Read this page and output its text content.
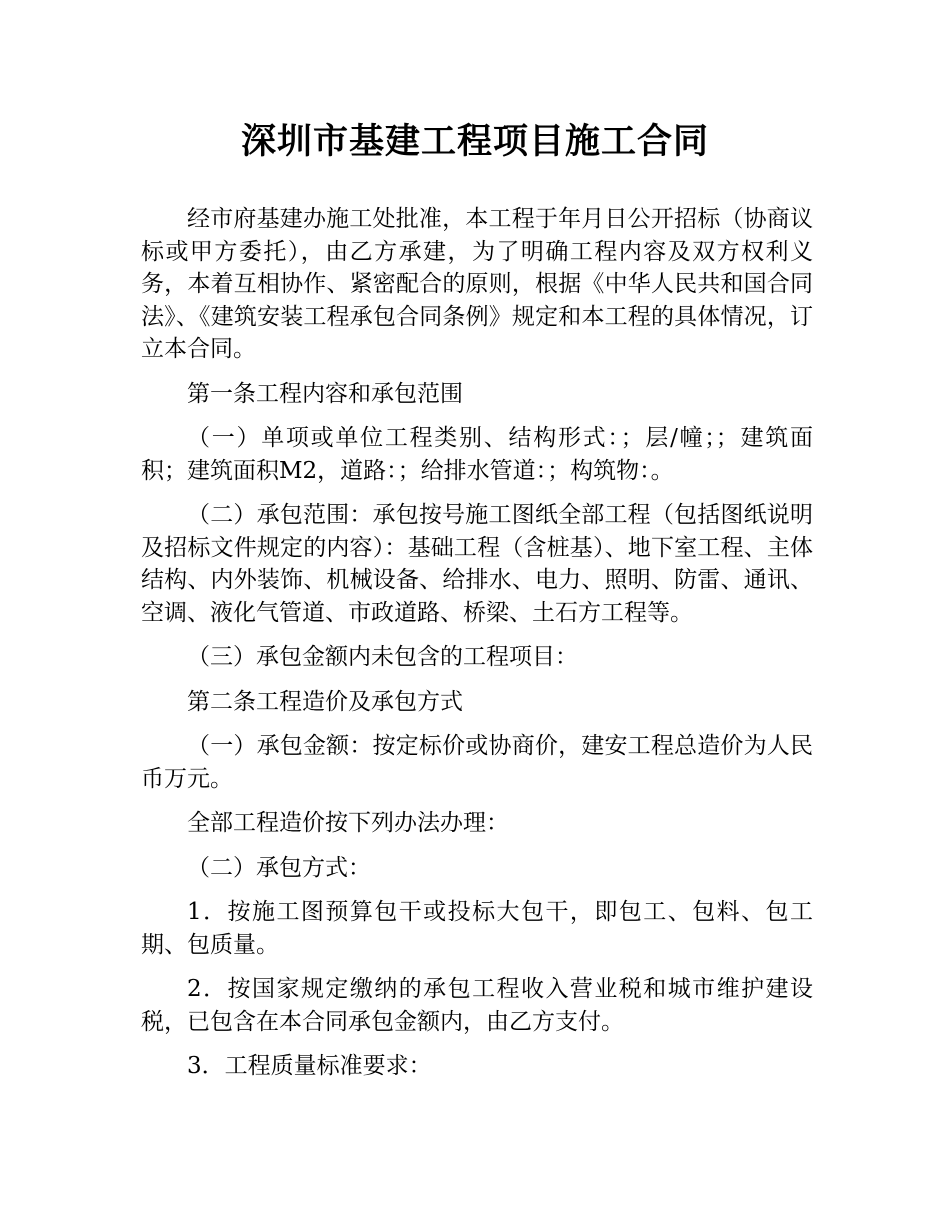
深圳市基建工程项目施工合同

经市府基建办施工处批准，本工程于年月日公开招标（协商议标或甲方委托），由乙方承建，为了明确工程内容及双方权利义务，本着互相协作、紧密配合的原则，根据《中华人民共和国合同法》、《建筑安装工程承包合同条例》规定和本工程的具体情况，订立本合同。

第一条工程内容和承包范围

（一）单项或单位工程类别、结构形式：；层/幢；；建筑面积；建筑面积M2，道路：；给排水管道：；构筑物：。

（二）承包范围：承包按号施工图纸全部工程（包括图纸说明及招标文件规定的内容）：基础工程（含桩基）、地下室工程、主体结构、内外装饰、机械设备、给排水、电力、照明、防雷、通讯、空调、液化气管道、市政道路、桥梁、土石方工程等。

（三）承包金额内未包含的工程项目：

第二条工程造价及承包方式

（一）承包金额：按定标价或协商价，建安工程总造价为人民币万元。

全部工程造价按下列办法办理：

（二）承包方式：

1．按施工图预算包干或投标大包干，即包工、包料、包工期、包质量。

2．按国家规定缴纳的承包工程收入营业税和城市维护建设税，已包含在本合同承包金额内，由乙方支付。

3．工程质量标准要求：
